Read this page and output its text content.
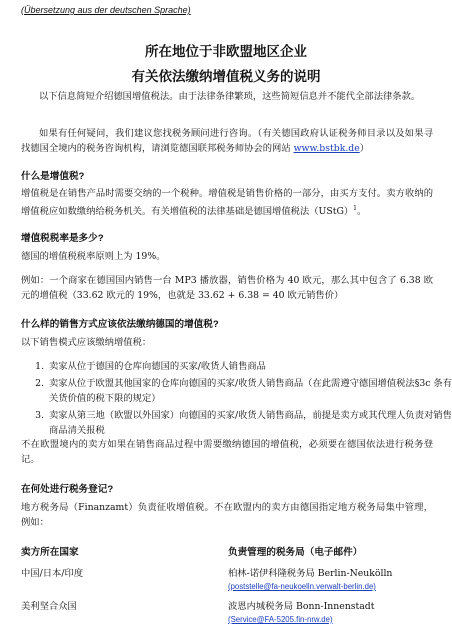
(Übersetzung aus der deutschen Sprache)
所在地位于非欧盟地区企业
有关依法缴纳增值税义务的说明

以下信息简短介绍德国增值税法。由于法律条律繁琐，这些简短信息并不能代全部法律条款。

如果有任何疑问，我们建议您找税务顾问进行咨询。（有关德国政府认证税务师目录以及如果寻找德国全境内的税务咨询机构，请浏览德国联邦税务师协会的网站 www.bstbk.de）

什么是增值税?

增值税是在销售产品时需要交纳的一个税种。增值税是销售价格的一部分，由买方支付。卖方收纳的增值税应如数缴纳给税务机关。有关增值税的法律基础是德国增值税法（UStG）$^1$。

增值税税率是多少?

德国的增值税税率原则上为 19%。

例如：一个商家在德国国内销售一台 MP3 播放器，销售价格为 40 欧元，那么其中包含了 6.38 欧元的增值税（33.62 欧元的 19%，也就是 33.62 + 6.38 = 40 欧元销售价）

什么样的销售方式应该依法缴纳德国的增值税?

以下销售模式应该缴纳增值税：

1. 卖家从位于德国的仓库向德国的买家/收货人销售商品
2. 卖家从位于欧盟其他国家的仓库向德国的买家/收货人销售商品（在此需遵守德国增值税法§3c 条有关货价值的税下限的规定）
3. 卖家从第三地（欧盟以外国家）向德国的买家/收货人销售商品，前提是卖方或其代理人负责对销售商品清关报税

不在欧盟境内的卖方如果在销售商品过程中需要缴纳德国的增值税，必须要在德国依法进行税务登记。

在何处进行税务登记?

地方税务局（Finanzamt）负责征收增值税。不在欧盟内的卖方由德国指定地方税务局集中管理，例如：

卖方所在国家	负责管理的税务局（电子邮件）
中国/日本/印度	柏林-诺伊科隆税务局 Berlin-Neukölln
(poststelle@fa-neukoelln.verwalt-berlin.de)
美利坚合众国	波恩内城税务局 Bonn-Innenstadt
(Service@FA-5205.fin-nrw.de)
